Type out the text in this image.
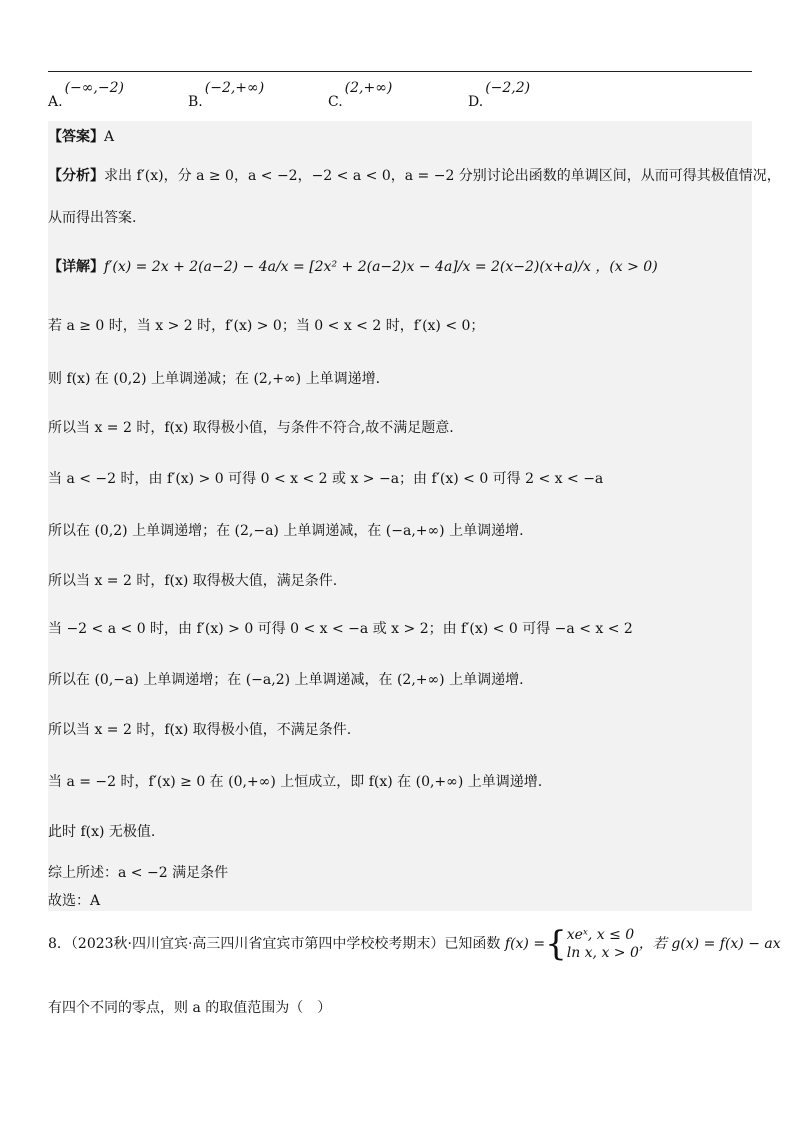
A.(−∞,−2)
B.(−2,+∞)
C.(2,+∞)
D.(−2,2)
【答案】A
【分析】求出 f′(x)，分 a ≥ 0，a < −2，−2 < a < 0，a = −2 分别讨论出函数的单调区间，从而可得其极值情况，
从而得出答案.
【详解】f′(x) = 2x + 2(a−2) − 4a/x = [2x² + 2(a−2)x − 4a]/x = 2(x−2)(x+a)/x ，(x > 0)
若 a ≥ 0 时，当 x > 2 时，f′(x) > 0；当 0 < x < 2 时，f′(x) < 0；
则 f(x) 在 (0,2) 上单调递减；在 (2,+∞) 上单调递增.
所以当 x = 2 时，f(x) 取得极小值，与条件不符合,故不满足题意.
当 a < −2 时，由 f′(x) > 0 可得 0 < x < 2 或 x > −a；由 f′(x) < 0 可得 2 < x < −a
所以在 (0,2) 上单调递增；在 (2,−a) 上单调递减，在 (−a,+∞) 上单调递增.
所以当 x = 2 时，f(x) 取得极大值，满足条件.
当 −2 < a < 0 时，由 f′(x) > 0 可得 0 < x < −a 或 x > 2；由 f′(x) < 0 可得 −a < x < 2
所以在 (0,−a) 上单调递增；在 (−a,2) 上单调递减，在 (2,+∞) 上单调递增.
所以当 x = 2 时，f(x) 取得极小值，不满足条件.
当 a = −2 时，f′(x) ≥ 0 在 (0,+∞) 上恒成立，即 f(x) 在 (0,+∞) 上单调递增.
此时 f(x) 无极值.
综上所述：a < −2 满足条件
故选：A
8．（2023秋·四川宜宾·高三四川省宜宾市第四中学校校考期末）已知函数 f(x) ={xeˣ, x ≤ 0
ln x, x > 0，若 g(x) = f(x) − ax
有四个不同的零点，则 a 的取值范围为（　）
